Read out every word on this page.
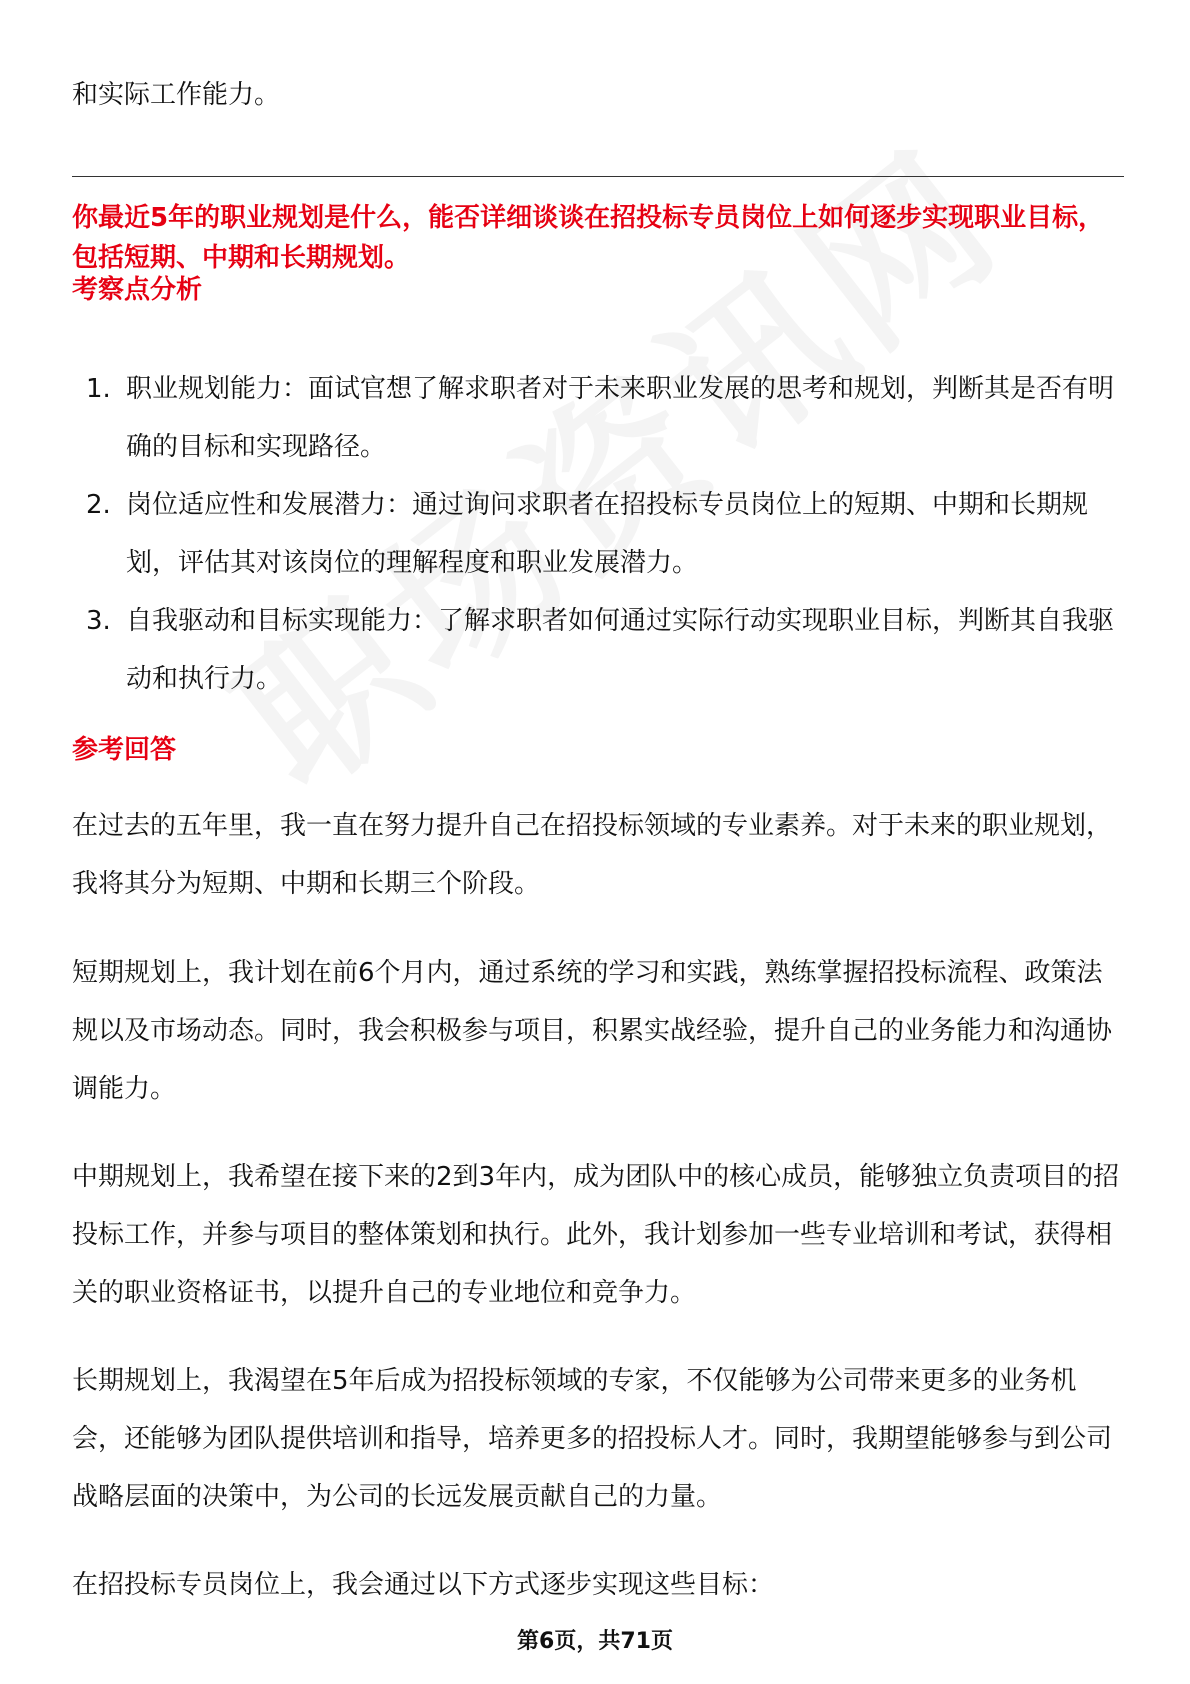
和实际工作能力。

你最近5年的职业规划是什么，能否详细谈谈在招投标专员岗位上如何逐步实现职业目标，包括短期、中期和长期规划。

考察点分析

1. 职业规划能力：面试官想了解求职者对于未来职业发展的思考和规划，判断其是否有明确的目标和实现路径。
2. 岗位适应性和发展潜力：通过询问求职者在招投标专员岗位上的短期、中期和长期规划，评估其对该岗位的理解程度和职业发展潜力。
3. 自我驱动和目标实现能力：了解求职者如何通过实际行动实现职业目标，判断其自我驱动和执行力。

参考回答

在过去的五年里，我一直在努力提升自己在招投标领域的专业素养。对于未来的职业规划，我将其分为短期、中期和长期三个阶段。

短期规划上，我计划在前6个月内，通过系统的学习和实践，熟练掌握招投标流程、政策法规以及市场动态。同时，我会积极参与项目，积累实战经验，提升自己的业务能力和沟通协调能力。

中期规划上，我希望在接下来的2到3年内，成为团队中的核心成员，能够独立负责项目的招投标工作，并参与项目的整体策划和执行。此外，我计划参加一些专业培训和考试，获得相关的职业资格证书，以提升自己的专业地位和竞争力。

长期规划上，我渴望在5年后成为招投标领域的专家，不仅能够为公司带来更多的业务机会，还能够为团队提供培训和指导，培养更多的招投标人才。同时，我期望能够参与到公司战略层面的决策中，为公司的长远发展贡献自己的力量。

在招投标专员岗位上，我会通过以下方式逐步实现这些目标：

第6页，共71页
